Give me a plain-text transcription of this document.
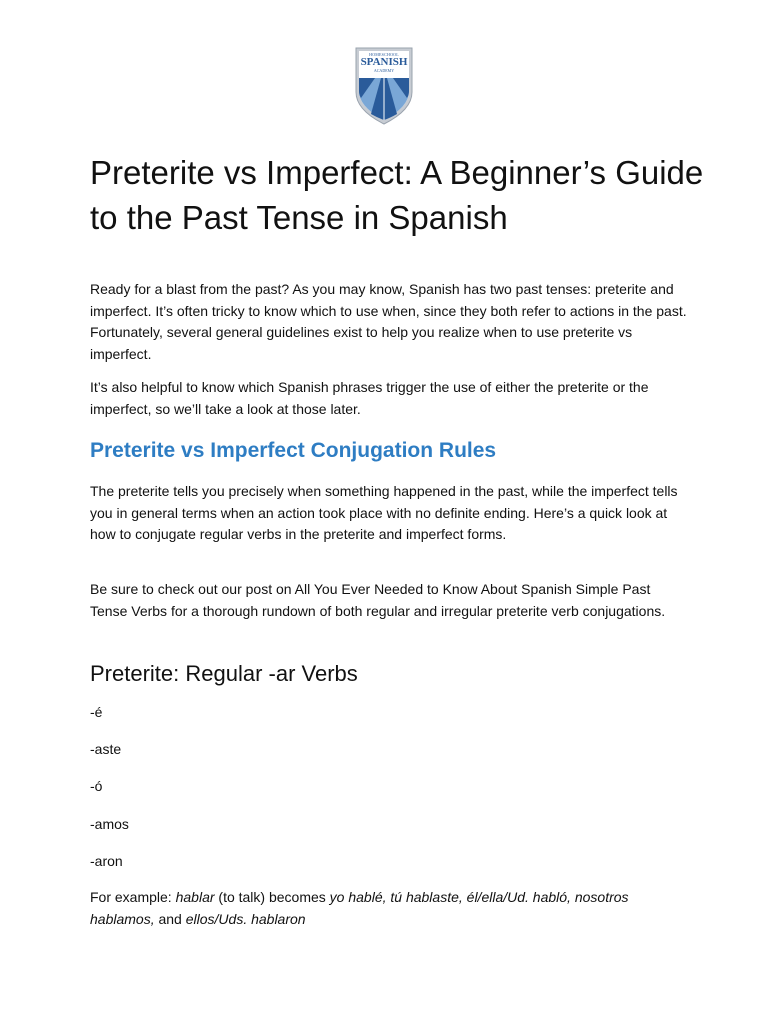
HOMESCHOOL
SPANISH
ACADEMY
Preterite vs Imperfect: A Beginner’s Guide to the Past Tense in Spanish

Ready for a blast from the past? As you may know, Spanish has two past tenses: preterite and imperfect. It’s often tricky to know which to use when, since they both refer to actions in the past. Fortunately, several general guidelines exist to help you realize when to use preterite vs imperfect.

It’s also helpful to know which Spanish phrases trigger the use of either the preterite or the imperfect, so we’ll take a look at those later.

Preterite vs Imperfect Conjugation Rules

The preterite tells you precisely when something happened in the past, while the imperfect tells you in general terms when an action took place with no definite ending. Here’s a quick look at how to conjugate regular verbs in the preterite and imperfect forms.

Be sure to check out our post on All You Ever Needed to Know About Spanish Simple Past Tense Verbs for a thorough rundown of both regular and irregular preterite verb conjugations.

Preterite: Regular -ar Verbs

-é

-aste

-ó

-amos

-aron

For example: hablar (to talk) becomes yo hablé, tú hablaste, él/ella/Ud. habló, nosotros hablamos, and ellos/Uds. hablaron
